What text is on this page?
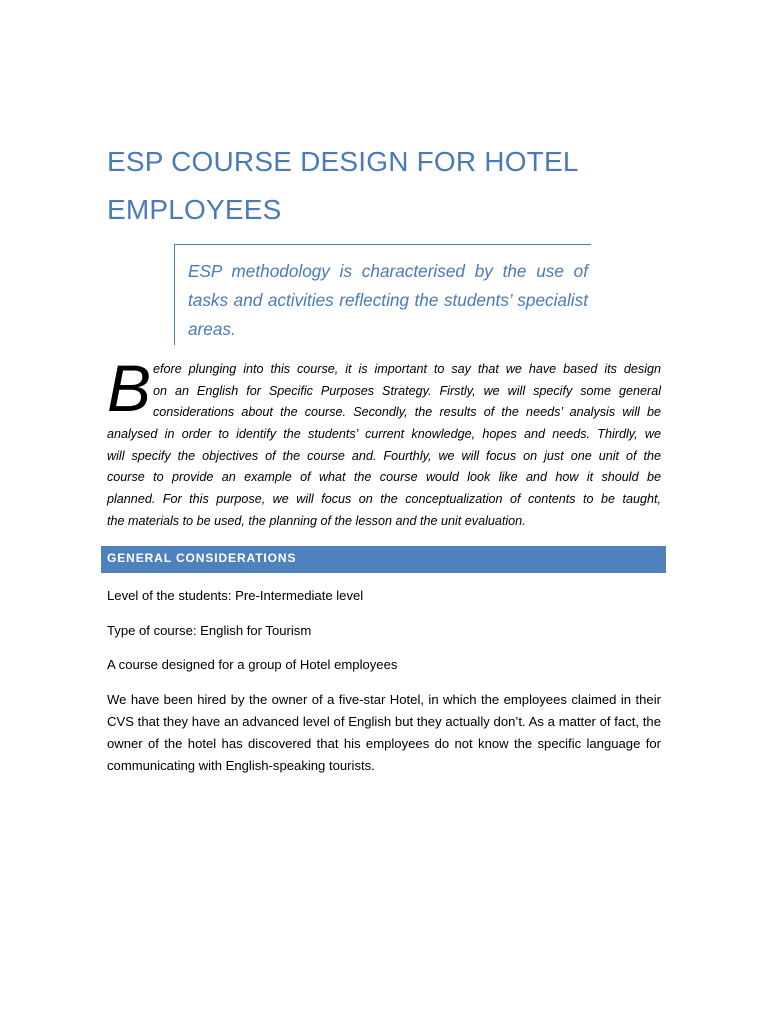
ESP COURSE DESIGN FOR HOTEL EMPLOYEES

ESP methodology is characterised by the use of tasks and activities reflecting the students’ specialist areas.

B efore plunging into this course, it is important to say that we have based its design
on an English for Specific Purposes Strategy. Firstly, we will specify some general
considerations about the course. Secondly, the results of the needs’ analysis will be
analysed in order to identify the students’ current knowledge, hopes and needs. Thirdly, we
will specify the objectives of the course and. Fourthly, we will focus on just one unit of the
course to provide an example of what the course would look like and how it should be
planned. For this purpose, we will focus on the conceptualization of contents to be taught,
the materials to be used, the planning of the lesson and the unit evaluation.
GENERAL CONSIDERATIONS

Level of the students: Pre-Intermediate level

Type of course: English for Tourism

A course designed for a group of Hotel employees

We have been hired by the owner of a five-star Hotel, in which the employees claimed in their CVS that they have an advanced level of English but they actually don’t. As a matter of fact, the owner of the hotel has discovered that his employees do not know the specific language for communicating with English-speaking tourists.
